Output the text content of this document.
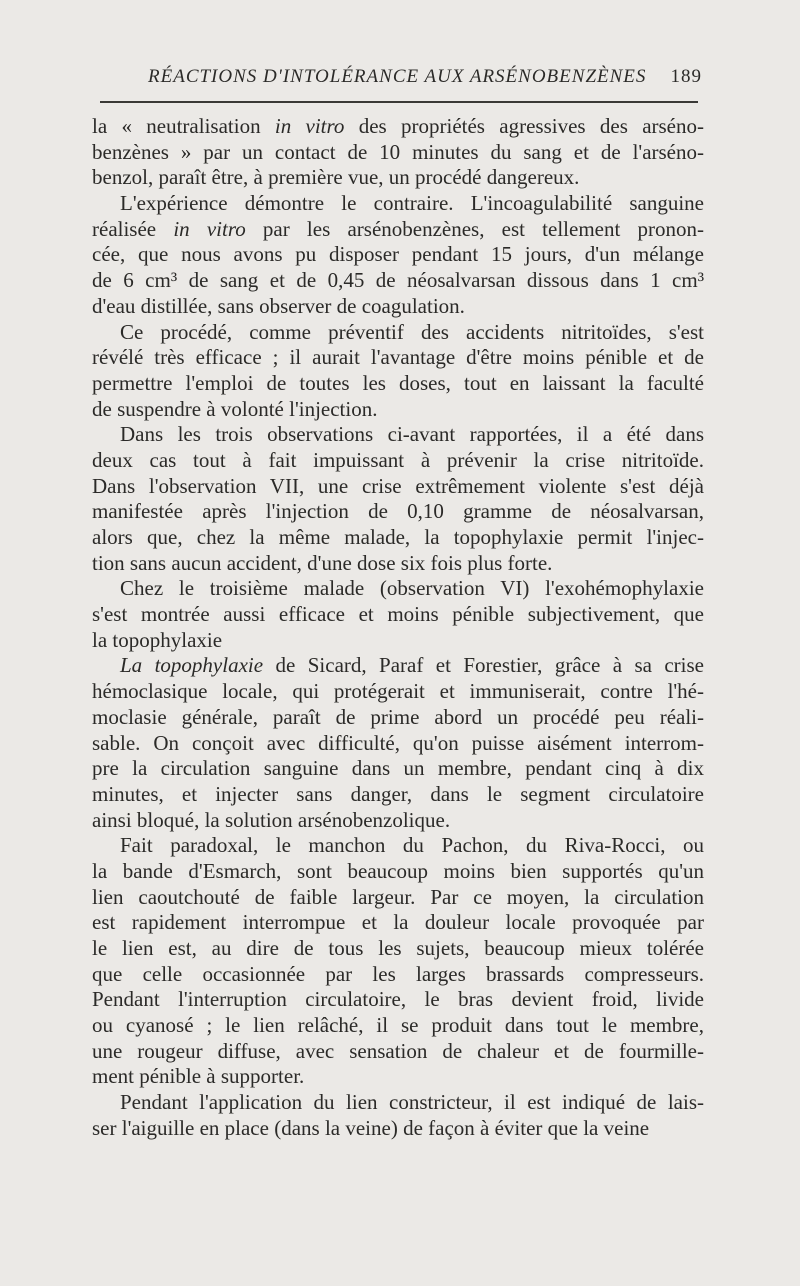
RÉACTIONS D'INTOLÉRANCE AUX ARSÉNOBENZÈNES 189
la « neutralisation in vitro des propriétés agressives des arséno-
benzènes » par un contact de 10 minutes du sang et de l'arséno-
benzol, paraît être, à première vue, un procédé dangereux.
L'expérience démontre le contraire. L'incoagulabilité sanguine
réalisée in vitro par les arsénobenzènes, est tellement pronon-
cée, que nous avons pu disposer pendant 15 jours, d'un mélange
de 6 cm³ de sang et de 0,45 de néosalvarsan dissous dans 1 cm³
d'eau distillée, sans observer de coagulation.
Ce procédé, comme préventif des accidents nitritoïdes, s'est
révélé très efficace ; il aurait l'avantage d'être moins pénible et de
permettre l'emploi de toutes les doses, tout en laissant la faculté
de suspendre à volonté l'injection.
Dans les trois observations ci-avant rapportées, il a été dans
deux cas tout à fait impuissant à prévenir la crise nitritoïde.
Dans l'observation VII, une crise extrêmement violente s'est déjà
manifestée après l'injection de 0,10 gramme de néosalvarsan,
alors que, chez la même malade, la topophylaxie permit l'injec-
tion sans aucun accident, d'une dose six fois plus forte.
Chez le troisième malade (observation VI) l'exohémophylaxie
s'est montrée aussi efficace et moins pénible subjectivement, que
la topophylaxie
La topophylaxie de Sicard, Paraf et Forestier, grâce à sa crise
hémoclasique locale, qui protégerait et immuniserait, contre l'hé-
moclasie générale, paraît de prime abord un procédé peu réali-
sable. On conçoit avec difficulté, qu'on puisse aisément interrom-
pre la circulation sanguine dans un membre, pendant cinq à dix
minutes, et injecter sans danger, dans le segment circulatoire
ainsi bloqué, la solution arsénobenzolique.
Fait paradoxal, le manchon du Pachon, du Riva-Rocci, ou
la bande d'Esmarch, sont beaucoup moins bien supportés qu'un
lien caoutchouté de faible largeur. Par ce moyen, la circulation
est rapidement interrompue et la douleur locale provoquée par
le lien est, au dire de tous les sujets, beaucoup mieux tolérée
que celle occasionnée par les larges brassards compresseurs.
Pendant l'interruption circulatoire, le bras devient froid, livide
ou cyanosé ; le lien relâché, il se produit dans tout le membre,
une rougeur diffuse, avec sensation de chaleur et de fourmille-
ment pénible à supporter.
Pendant l'application du lien constricteur, il est indiqué de lais-
ser l'aiguille en place (dans la veine) de façon à éviter que la veine
